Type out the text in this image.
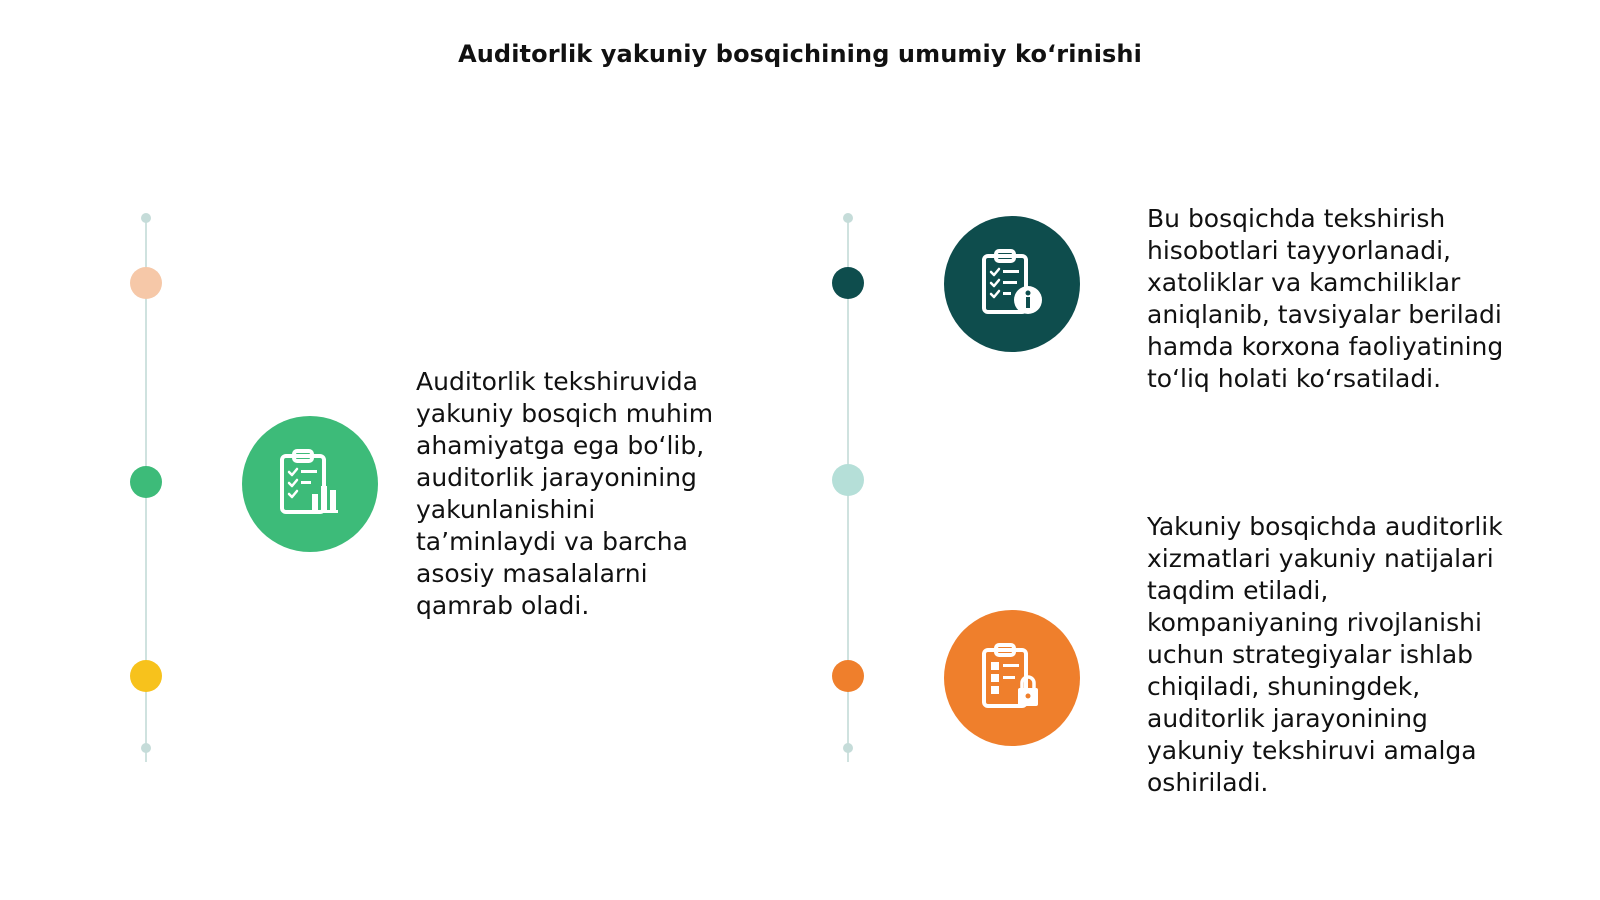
Auditorlik yakuniy bosqichining umumiy ko‘rinishi
Auditorlik tekshiruvida yakuniy bosqich muhim ahamiyatga ega bo‘lib, auditorlik jarayonining yakunlanishini ta’minlaydi va barcha asosiy masalalarni qamrab oladi.
Bu bosqichda tekshirish hisobotlari tayyorlanadi, xatoliklar va kamchiliklar aniqlanib, tavsiyalar beriladi hamda korxona faoliyatining to‘liq holati ko‘rsatiladi.
Yakuniy bosqichda auditorlik xizmatlari yakuniy natijalari taqdim etiladi, kompaniyaning rivojlanishi uchun strategiyalar ishlab chiqiladi, shuningdek, auditorlik jarayonining yakuniy tekshiruvi amalga oshiriladi.
